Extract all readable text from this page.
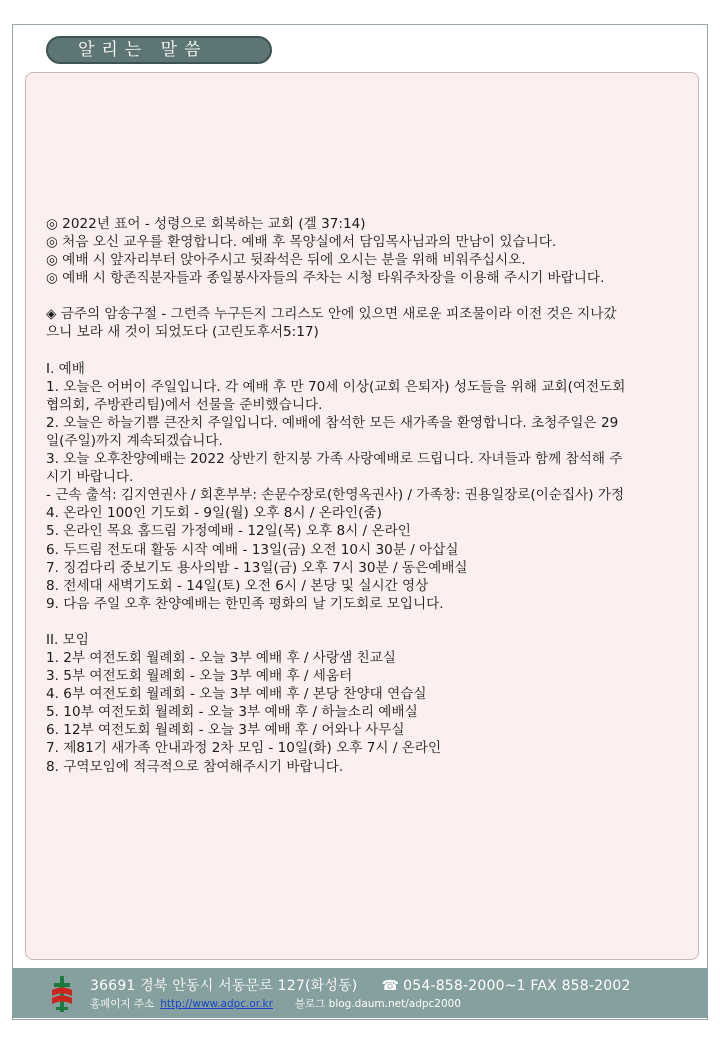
알리는 말씀
◎ 2022년 표어 - 성령으로 회복하는 교회 (겔 37:14)
◎ 처음 오신 교우를 환영합니다. 예배 후 목양실에서 담임목사님과의 만남이 있습니다.
◎ 예배 시 앞자리부터 앉아주시고 뒷좌석은 뒤에 오시는 분을 위해 비워주십시오.
◎ 예배 시 항존직분자들과 종일봉사자들의 주차는 시청 타워주차장을 이용해 주시기 바랍니다.
◈ 금주의 암송구절 - 그런즉 누구든지 그리스도 안에 있으면 새로운 피조물이라 이전 것은 지나갔
으니 보라 새 것이 되었도다 (고린도후서5:17)
I. 예배
1. 오늘은 어버이 주일입니다. 각 예배 후 만 70세 이상(교회 은퇴자) 성도들을 위해 교회(여전도회
협의회, 주방관리팀)에서 선물을 준비했습니다.
2. 오늘은 하늘기쁨 큰잔치 주일입니다. 예배에 참석한 모든 새가족을 환영합니다. 초청주일은 29
일(주일)까지 계속되겠습니다.
3. 오늘 오후찬양예배는 2022 상반기 한지붕 가족 사랑예배로 드립니다. 자녀들과 함께 참석해 주
시기 바랍니다.
- 근속 출석: 김지연권사 / 회혼부부: 손문수장로(한영옥권사) / 가족창: 권용일장로(이순집사) 가정
4. 온라인 100인 기도회 - 9일(월) 오후 8시 / 온라인(줌)
5. 온라인 목요 홈드림 가정예배 - 12일(목) 오후 8시 / 온라인
6. 두드림 전도대 활동 시작 예배 - 13일(금) 오전 10시 30분 / 아삽실
7. 징검다리 중보기도 용사의밤 - 13일(금) 오후 7시 30분 / 동은예배실
8. 전세대 새벽기도회 - 14일(토) 오전 6시 / 본당 및 실시간 영상
9. 다음 주일 오후 찬양예배는 한민족 평화의 날 기도회로 모입니다.
II. 모임
1. 2부 여전도회 월례회 - 오늘 3부 예배 후 / 사랑샘 친교실
3. 5부 여전도회 월례회 - 오늘 3부 예배 후 / 세움터
4. 6부 여전도회 월례회 - 오늘 3부 예배 후 / 본당 찬양대 연습실
5. 10부 여전도회 월례회 - 오늘 3부 예배 후 / 하늘소리 예배실
6. 12부 여전도회 월례회 - 오늘 3부 예배 후 / 어와나 사무실
7. 제81기 새가족 안내과정 2차 모임 - 10일(화) 오후 7시 / 온라인
8. 구역모임에 적극적으로 참여해주시기 바랍니다.
36691 경북 안동시 서동문로 127(화성동) ☎ 054-858-2000~1 FAX 858-2002
홈페이지 주소 http://www.adpc.or.kr 블로그 blog.daum.net/adpc2000
